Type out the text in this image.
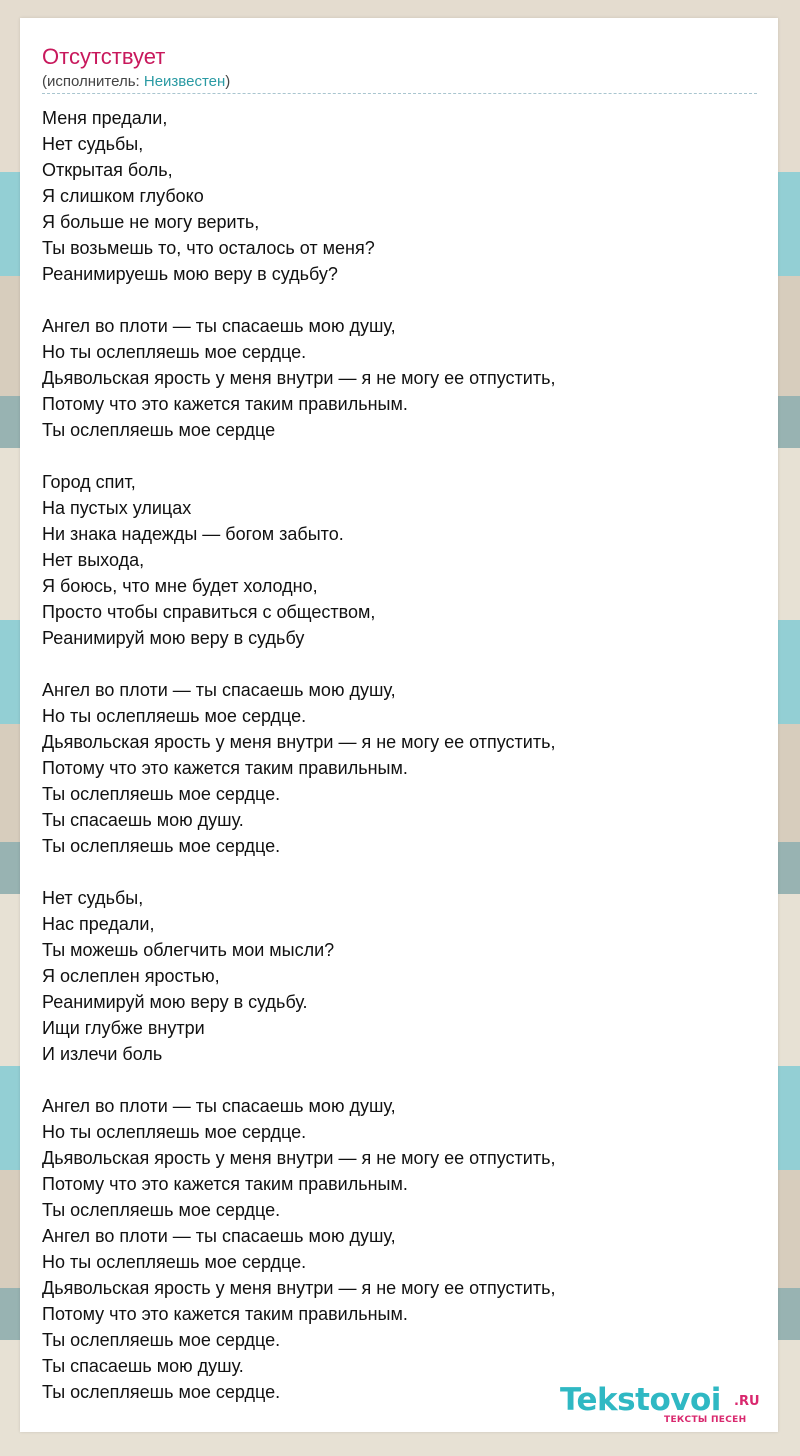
Отсутствует
(исполнитель: Неизвестен)
Меня предали,
Нет судьбы,
Открытая боль,
Я слишком глубоко
Я больше не могу верить,
Ты возьмешь то, что осталось от меня?
Реанимируешь мою веру в судьбу?
Ангел во плоти — ты спасаешь мою душу,
Но ты ослепляешь мое сердце.
Дьявольская ярость у меня внутри — я не могу ее отпустить,
Потому что это кажется таким правильным.
Ты ослепляешь мое сердце
Город спит,
На пустых улицах
Ни знака надежды — богом забыто.
Нет выхода,
Я боюсь, что мне будет холодно,
Просто чтобы справиться с обществом,
Реанимируй мою веру в судьбу
Ангел во плоти — ты спасаешь мою душу,
Но ты ослепляешь мое сердце.
Дьявольская ярость у меня внутри — я не могу ее отпустить,
Потому что это кажется таким правильным.
Ты ослепляешь мое сердце.
Ты спасаешь мою душу.
Ты ослепляешь мое сердце.
Нет судьбы,
Нас предали,
Ты можешь облегчить мои мысли?
Я ослеплен яростью,
Реанимируй мою веру в судьбу.
Ищи глубже внутри
И излечи боль
Ангел во плоти — ты спасаешь мою душу,
Но ты ослепляешь мое сердце.
Дьявольская ярость у меня внутри — я не могу ее отпустить,
Потому что это кажется таким правильным.
Ты ослепляешь мое сердце.
Ангел во плоти — ты спасаешь мою душу,
Но ты ослепляешь мое сердце.
Дьявольская ярость у меня внутри — я не могу ее отпустить,
Потому что это кажется таким правильным.
Ты ослепляешь мое сердце.
Ты спасаешь мою душу.
Ты ослепляешь мое сердце.	Tekstovoi .RU
ТЕКСТЫ ПЕСЕН
